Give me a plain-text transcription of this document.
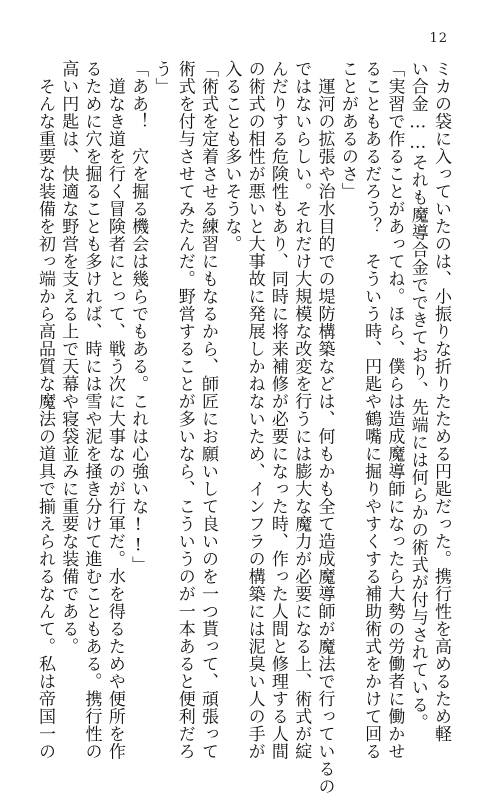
12
ミカの袋に入っていたのは、小振りな折りたためる円匙だった。携行性を高めるため軽
い合金……それも魔導合金でできており、先端には何らかの術式が付与されている。
「実習で作ることがあってね。ほら、僕らは造成魔導師になったら大勢の労働者に働かせ
ることもあるだろう？　そういう時、円匙や鶴嘴に掘りやすくする補助術式をかけて回る
ことがあるのさ」
　運河の拡張や治水目的での堤防構築などは、何もかも全て造成魔導師が魔法で行っているの
ではないらしい。それだけ大規模な改変を行うには膨大な魔力が必要になる上、術式が綻
んだりする危険性もあり、同時に将来補修が必要になった時、作った人間と修理する人間
の術式の相性が悪いと大事故に発展しかねないため、インフラの構築には泥臭い人の手が
入ることも多いそうな。
「術式を定着させる練習にもなるから、師匠にお願いして良いのを一つ貰って、頑張って
術式を付与させてみたんだ。野営することが多いなら、こういうのが一本あると便利だろ
う」
「ああ！　穴を掘る機会は幾らでもある。これは心強いな!!」
　道なき道を行く冒険者にとって、戦う次に大事なのが行軍だ。水を得るためや便所を作
るために穴を掘ることも多ければ、時には雪や泥を掻き分けて進むこともある。携行性の
高い円匙は、快適な野営を支える上で天幕や寝袋並みに重要な装備である。
　そんな重要な装備を初っ端から高品質な魔法の道具で揃えられるなんて。私は帝国一の
